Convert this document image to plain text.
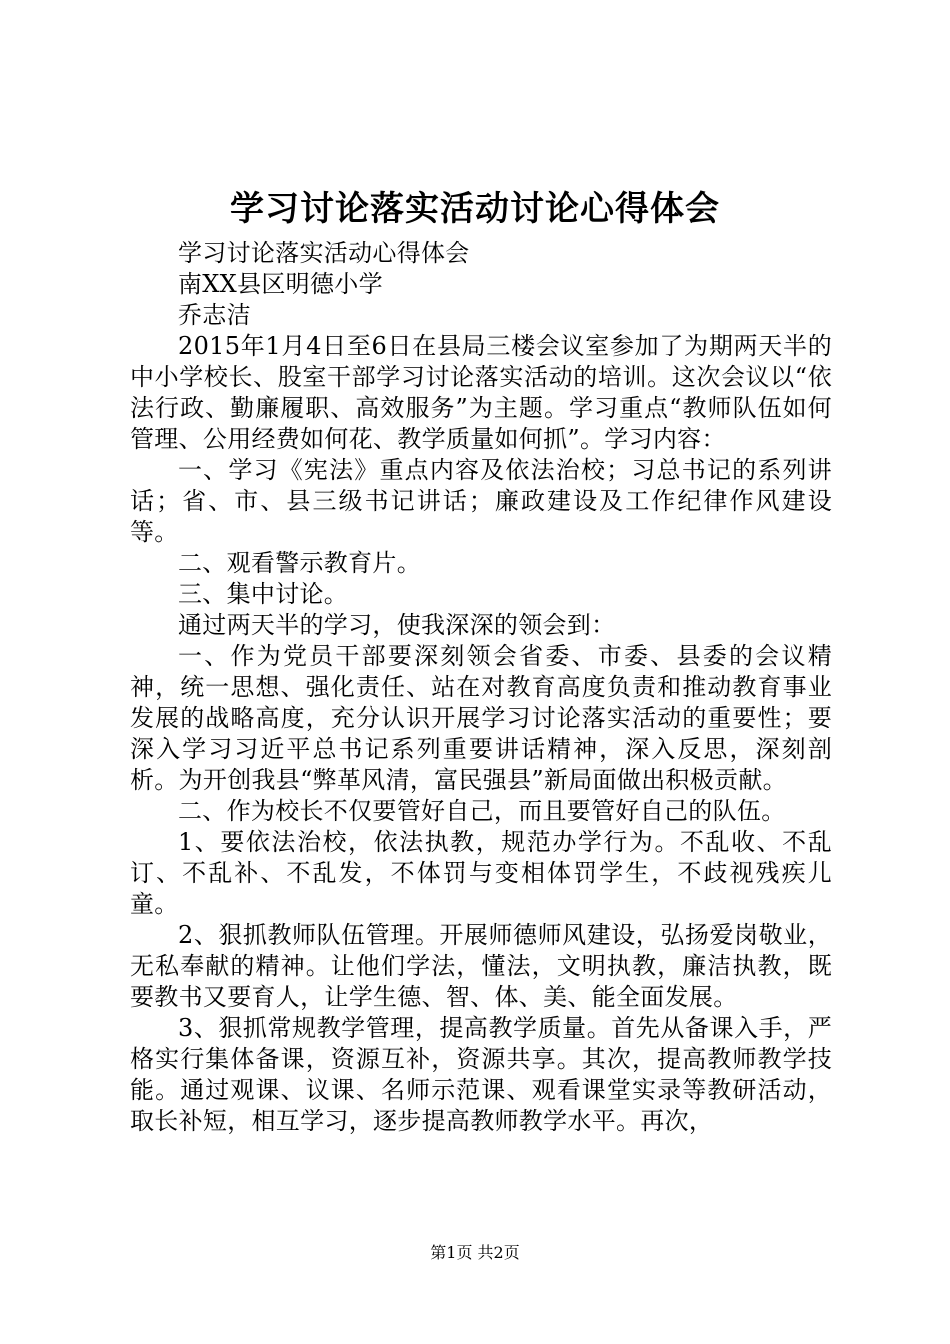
学习讨论落实活动讨论心得体会

学习讨论落实活动心得体会

南XX县区明德小学

乔志洁

2015年1月4日至6日在县局三楼会议室参加了为期两天半的中小学校长、股室干部学习讨论落实活动的培训。这次会议以“依法行政、勤廉履职、高效服务”为主题。学习重点“教师队伍如何管理、公用经费如何花、教学质量如何抓”。学习内容：

一、学习《宪法》重点内容及依法治校；习总书记的系列讲话；省、市、县三级书记讲话；廉政建设及工作纪律作风建设等。

二、观看警示教育片。

三、集中讨论。

通过两天半的学习，使我深深的领会到：

一、作为党员干部要深刻领会省委、市委、县委的会议精神，统一思想、强化责任、站在对教育高度负责和推动教育事业发展的战略高度，充分认识开展学习讨论落实活动的重要性；要深入学习习近平总书记系列重要讲话精神，深入反思，深刻剖析。为开创我县“弊革风清，富民强县”新局面做出积极贡献。

二、作为校长不仅要管好自己，而且要管好自己的队伍。

1、要依法治校，依法执教，规范办学行为。不乱收、不乱订、不乱补、不乱发，不体罚与变相体罚学生，不歧视残疾儿童。

2、狠抓教师队伍管理。开展师德师风建设，弘扬爱岗敬业，无私奉献的精神。让他们学法，懂法，文明执教，廉洁执教，既要教书又要育人，让学生德、智、体、美、能全面发展。

3、狠抓常规教学管理，提高教学质量。首先从备课入手，严格实行集体备课，资源互补，资源共享。其次，提高教师教学技能。通过观课、议课、名师示范课、观看课堂实录等教研活动，取长补短，相互学习，逐步提高教师教学水平。再次，

第1页 共2页
